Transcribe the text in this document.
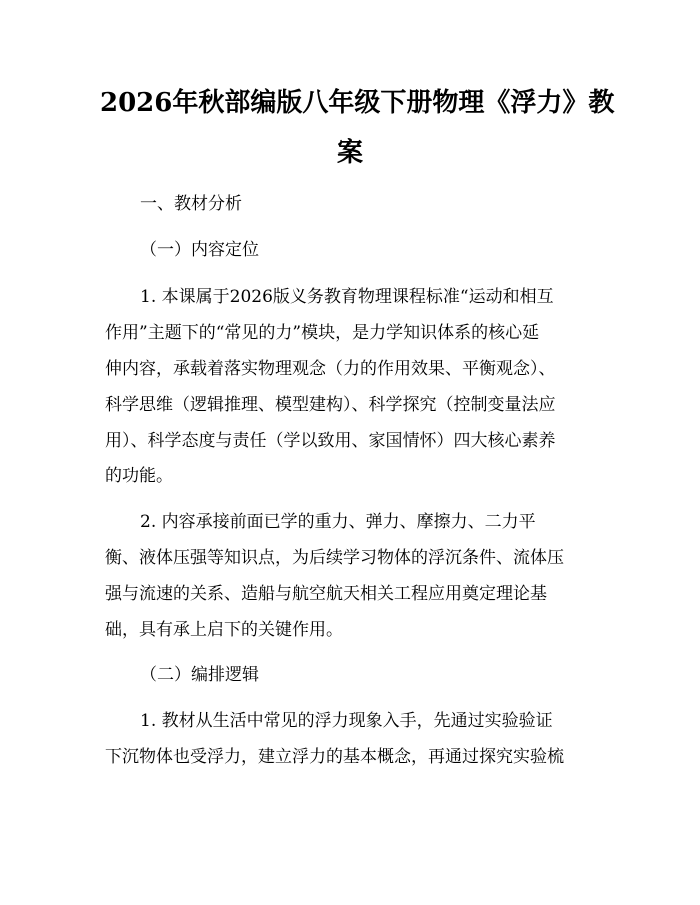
2026年秋部编版八年级下册物理《浮力》教
案

一、教材分析

（一）内容定位

1. 本课属于2026版义务教育物理课程标准“运动和相互

作用”主题下的“常见的力”模块，是力学知识体系的核心延

伸内容，承载着落实物理观念（力的作用效果、平衡观念）、

科学思维（逻辑推理、模型建构）、科学探究（控制变量法应

用）、科学态度与责任（学以致用、家国情怀）四大核心素养

的功能。

2. 内容承接前面已学的重力、弹力、摩擦力、二力平

衡、液体压强等知识点，为后续学习物体的浮沉条件、流体压

强与流速的关系、造船与航空航天相关工程应用奠定理论基

础，具有承上启下的关键作用。

（二）编排逻辑

1. 教材从生活中常见的浮力现象入手，先通过实验验证

下沉物体也受浮力，建立浮力的基本概念，再通过探究实验梳
